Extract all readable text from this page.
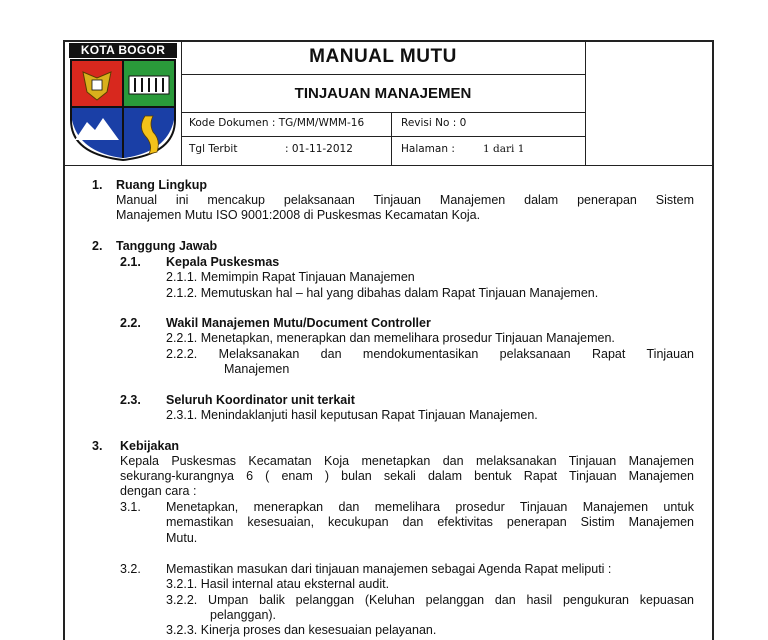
KOTA BOGOR	MANUAL MUTU
TINJAUAN MANAJEMEN
Kode Dokumen : TG/MM/WMM-16	Revisi No : 0
Tgl Terbit	: 01-11-2012	Halaman :	1 dari 1
1. Ruang Lingkup
Manual ini mencakup pelaksanaan Tinjauan Manajemen dalam penerapan Sistem
Manajemen Mutu ISO 9001:2008 di Puskesmas Kecamatan Koja.
2. Tanggung Jawab
2.1. Kepala Puskesmas
2.1.1. Memimpin Rapat Tinjauan Manajemen
2.1.2. Memutuskan hal – hal yang dibahas dalam Rapat Tinjauan Manajemen.
2.2. Wakil Manajemen Mutu/Document Controller
2.2.1. Menetapkan, menerapkan dan memelihara prosedur Tinjauan Manajemen.
2.2.2. Melaksanakan dan mendokumentasikan pelaksanaan Rapat Tinjauan
Manajemen
2.3. Seluruh Koordinator unit terkait
2.3.1. Menindaklanjuti hasil keputusan Rapat Tinjauan Manajemen.
3. Kebijakan
Kepala Puskesmas Kecamatan Koja menetapkan dan melaksanakan Tinjauan Manajemen
sekurang-kurangnya 6 ( enam ) bulan sekali dalam bentuk Rapat Tinjauan Manajemen
dengan cara :
3.1. Menetapkan, menerapkan dan memelihara prosedur Tinjauan Manajemen untuk
memastikan kesesuaian, kecukupan dan efektivitas penerapan Sistim Manajemen
Mutu.
3.2. Memastikan masukan dari tinjauan manajemen sebagai Agenda Rapat meliputi :
3.2.1. Hasil internal atau eksternal audit.
3.2.2. Umpan balik pelanggan (Keluhan pelanggan dan hasil pengukuran kepuasan
pelanggan).
3.2.3. Kinerja proses dan kesesuaian pelayanan.
